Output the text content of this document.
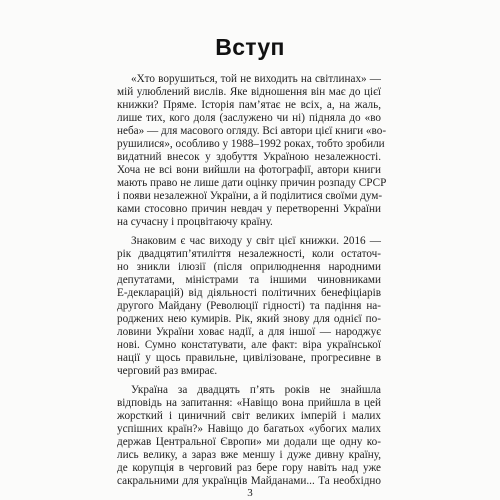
Вступ
«Хто ворушиться, той не виходить на світлинах» —
мій улюблений вислів. Яке відношення він має до цієї
книжки? Пряме. Історія пам’ятає не всіх, а, на жаль,
лише тих, кого доля (заслужено чи ні) підняла до «во
неба» — для масового огляду. Всі автори цієї книги «во-
рушилися», особливо у 1988–1992 роках, тобто зробили
видатний внесок у здобуття Україною незалежності.
Хоча не всі вони вийшли на фотографії, автори книги
мають право не лише дати оцінку причин розпаду СРСР
і появи незалежної України, а й поділитися своїми дум-
ками стосовно причин невдач у перетворенні України
на сучасну і процвітаючу країну.
Знаковим є час виходу у світ цієї книжки. 2016 —
рік двадцятип’ятиліття незалежності, коли остаточ-
но зникли ілюзії (після оприлюднення народними
депутатами, міністрами та іншими чиновниками
Е-декларацій) від діяльності політичних бенефіціарів
другого Майдану (Революції гідності) та падіння на-
роджених нею кумирів. Рік, який знову для однієї по-
ловини України ховає надії, а для іншої — народжує
нові. Сумно констатувати, але факт: віра української
нації у щось правильне, цивілізоване, прогресивне в
черговий раз вмирає.
Україна за двадцять п’ять років не знайшла
відповідь на запитання: «Навіщо вона прийшла в цей
жорсткий і циничний світ великих імперій і малих
успішних країн?» Навіщо до багатьох «убогих малих
держав Центральної Європи» ми додали ще одну ко-
лись велику, а зараз вже меншу і дуже дивну країну,
де корупція в черговий раз бере гору навіть над уже
сакральними для українців Майданами... Та необхідно
3
